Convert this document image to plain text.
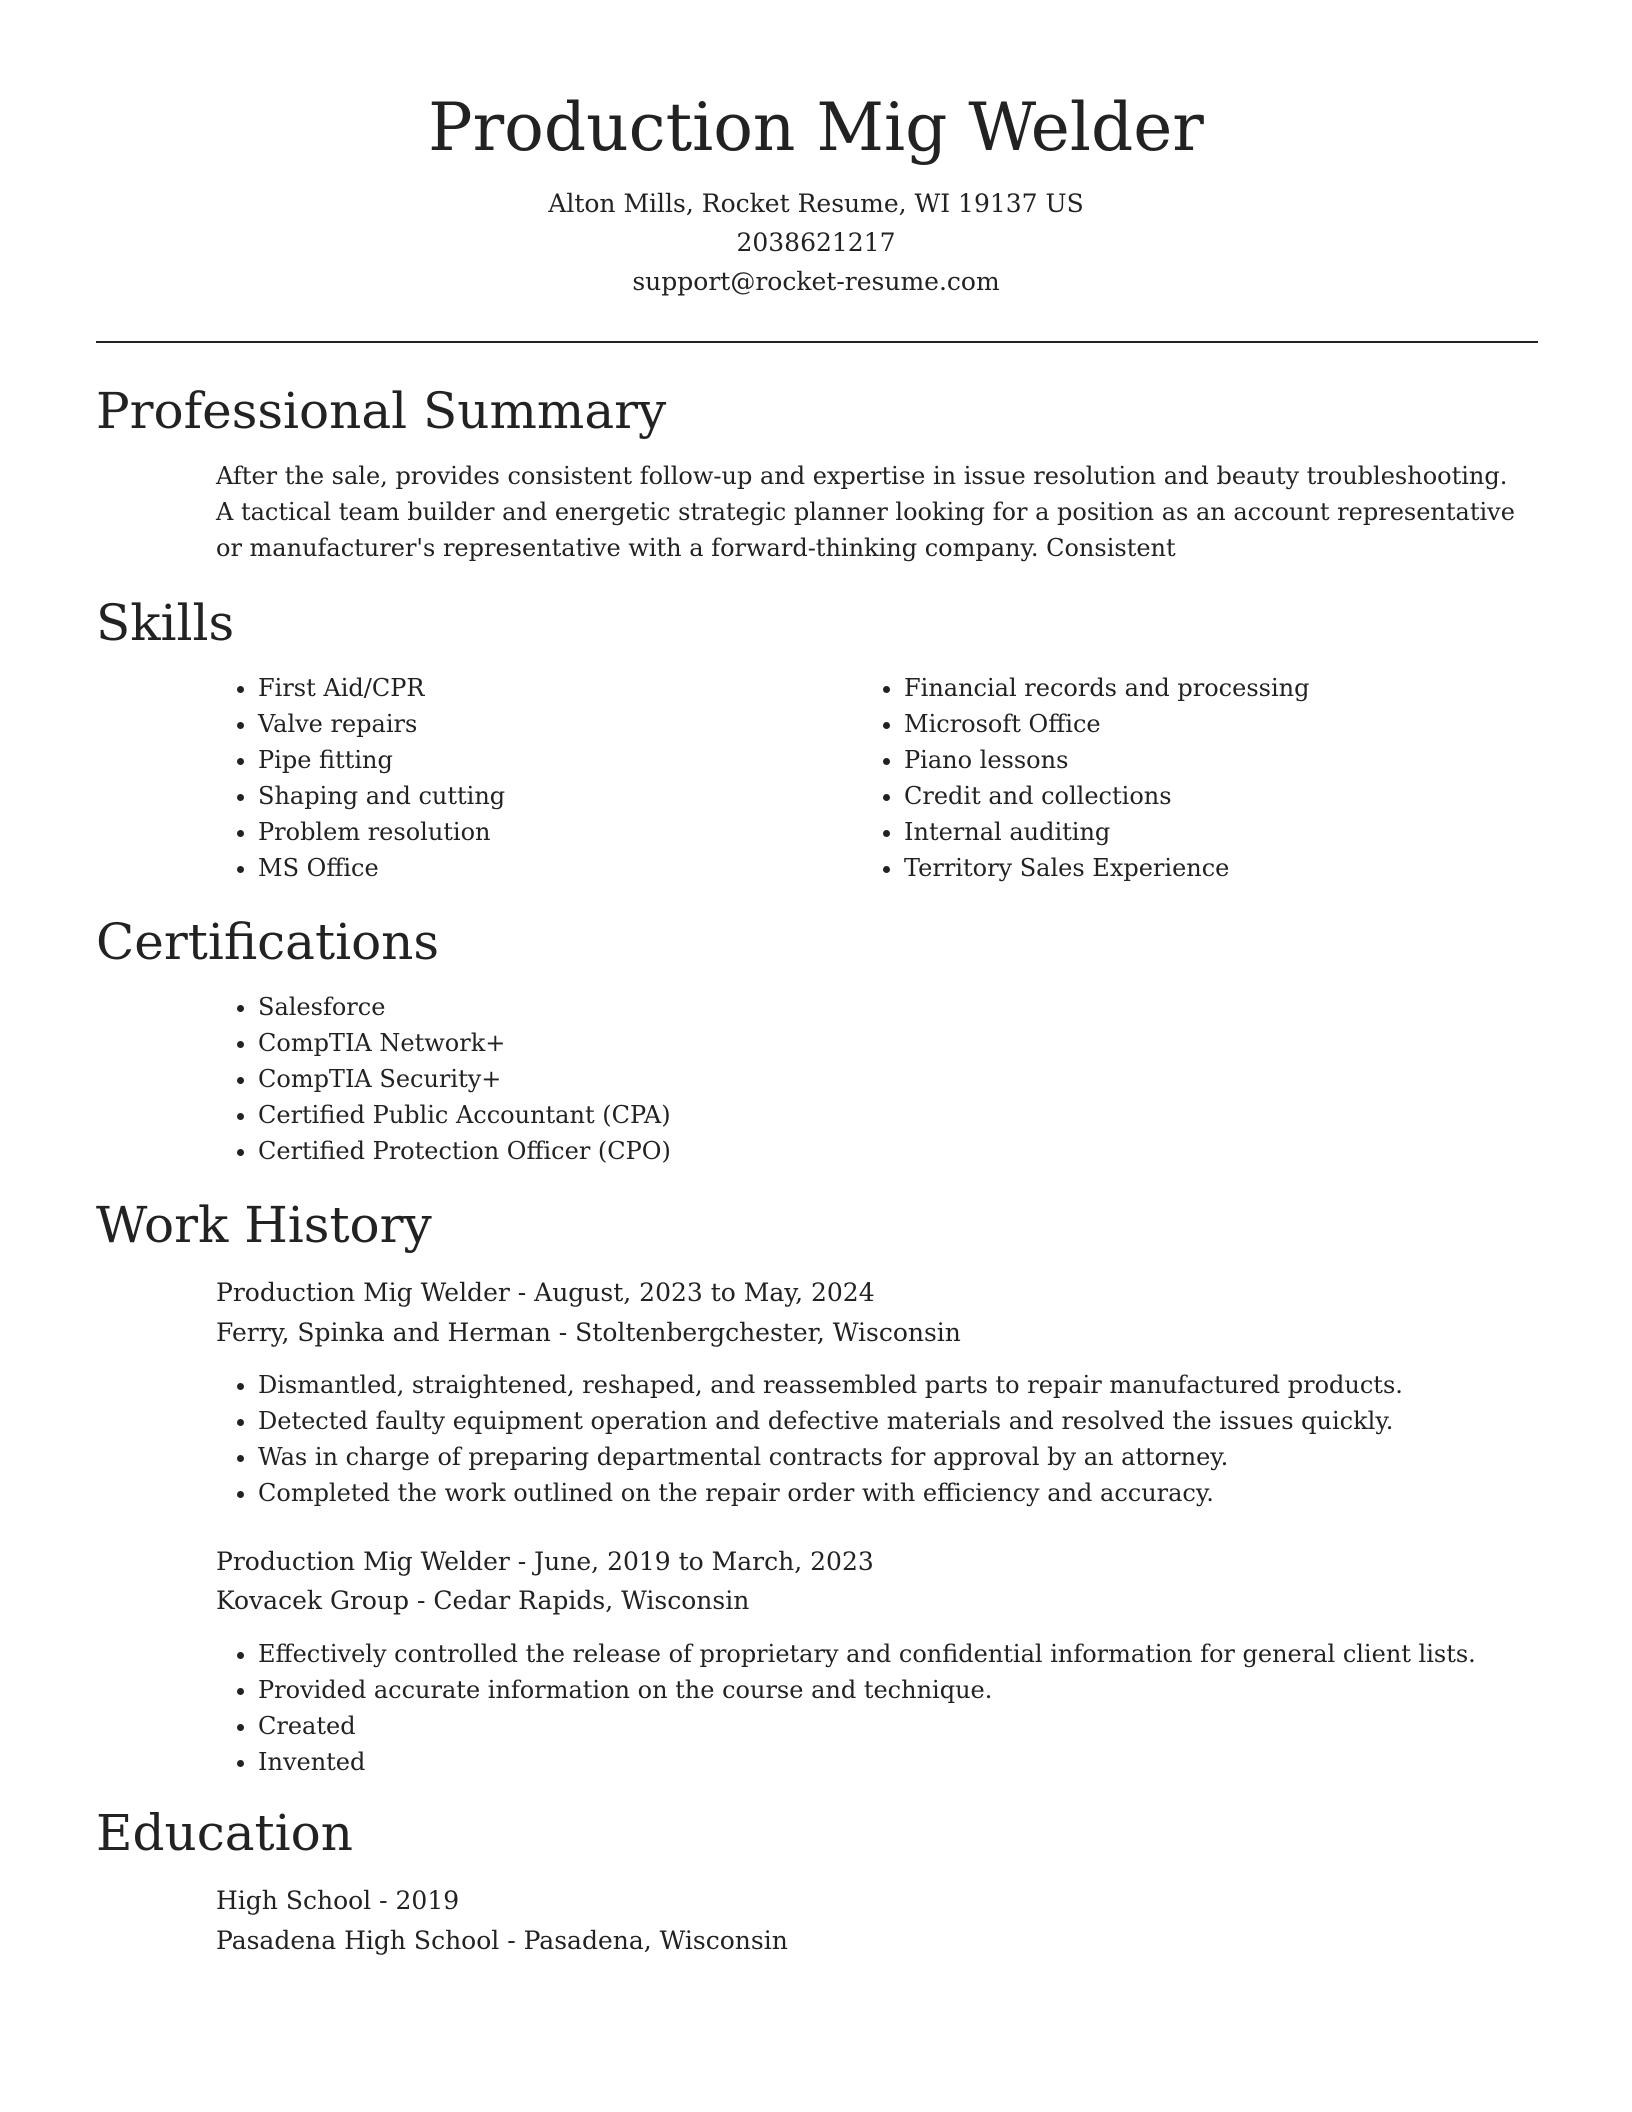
Production Mig Welder
Alton Mills, Rocket Resume, WI 19137 US
2038621217
support@rocket-resume.com
Professional Summary
After the sale, provides consistent follow-up and expertise in issue resolution and beauty troubleshooting. A tactical team builder and energetic strategic planner looking for a position as an account representative or manufacturer's representative with a forward-thinking company. Consistent
Skills
• First Aid/CPR
• Valve repairs
• Pipe fitting
• Shaping and cutting
• Problem resolution
• MS Office
• Financial records and processing
• Microsoft Office
• Piano lessons
• Credit and collections
• Internal auditing
• Territory Sales Experience
Certifications
• Salesforce
• CompTIA Network+
• CompTIA Security+
• Certified Public Accountant (CPA)
• Certified Protection Officer (CPO)
Work History
Production Mig Welder - August, 2023 to May, 2024
Ferry, Spinka and Herman - Stoltenbergchester, Wisconsin
• Dismantled, straightened, reshaped, and reassembled parts to repair manufactured products.
• Detected faulty equipment operation and defective materials and resolved the issues quickly.
• Was in charge of preparing departmental contracts for approval by an attorney.
• Completed the work outlined on the repair order with efficiency and accuracy.
Production Mig Welder - June, 2019 to March, 2023
Kovacek Group - Cedar Rapids, Wisconsin
• Effectively controlled the release of proprietary and confidential information for general client lists.
• Provided accurate information on the course and technique.
• Created
• Invented
Education
High School - 2019
Pasadena High School - Pasadena, Wisconsin
